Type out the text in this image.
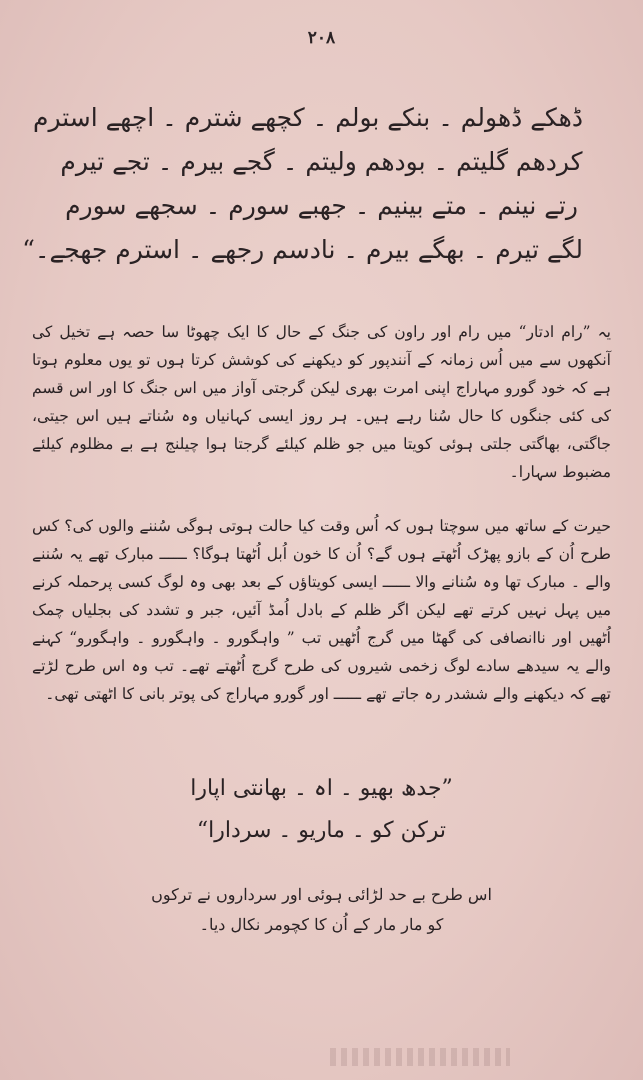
۲۰۸
ڈھکے ڈھولم ۔ بنکے بولم ۔ کچھے شترم ۔ اچھے استرم
کردھم گلیتم ۔ بودھم ولیتم ۔ گجے بیرم ۔ تجے تیرم
رتے نینم ۔ متے بینیم ۔ جھبے سورم ۔ سجھے سورم
لگے تیرم ۔ بھگے بیرم ۔ نادسم رجھے ۔ استرم جھجے۔“

یہ ”رام ادتار“ میں رام اور راون کی جنگ کے حال کا ایک چھوٹا سا حصہ ہے تخیل کی آنکھوں سے میں اُس زمانہ کے آنندپور کو دیکھنے کی کوشش کرتا ہوں تو یوں معلوم ہوتا ہے کہ خود گورو مہاراج اپنی امرت بھری لیکن گرجتی آواز میں اس جنگ کا اور اس قسم کی کئی جنگوں کا حال سُنا رہے ہیں۔ ہر روز ایسی کہانیاں وہ سُناتے ہیں اس جیتی، جاگتی، بھاگتی جلتی ہوئی کویتا میں جو ظلم کیلئے گرجتا ہوا چیلنج ہے بے مظلوم کیلئے مضبوط سہارا۔

حیرت کے ساتھ میں سوچتا ہوں کہ اُس وقت کیا حالت ہوتی ہوگی سُننے والوں کی؟ کس طرح اُن کے بازو پھڑک اُٹھتے ہوں گے؟ اُن کا خون اُبل اُٹھتا ہوگا؟ ــــــ مبارک تھے یہ سُننے والے ۔ مبارک تھا وہ سُنانے والا ــــــ ایسی کویتاؤں کے بعد بھی وہ لوگ کسی پرحملہ کرنے میں پہل نہیں کرتے تھے لیکن اگر ظلم کے بادل اُمڈ آئیں، جبر و تشدد کی بجلیاں چمک اُٹھیں اور ناانصافی کی گھٹا میں گرج اُٹھیں تب ” واہگورو ۔ واہگورو ۔ واہگورو“ کہنے والے یہ سیدھے سادے لوگ زخمی شیروں کی طرح گرج اُٹھتے تھے۔ تب وہ اس طرح لڑتے تھے کہ دیکھنے والے ششدر رہ جاتے تھے ــــــ اور گورو مہاراج کی پوتر بانی کا اٹھتی تھی۔

”جدھ بھیو ۔ اہ ۔ بھانتی اپارا
ترکن کو ۔ ماریو ۔ سردارا“
اس طرح بے حد لڑائی ہوئی اور سرداروں نے ترکوں
کو مار مار کے اُن کا کچومر نکال دیا۔
